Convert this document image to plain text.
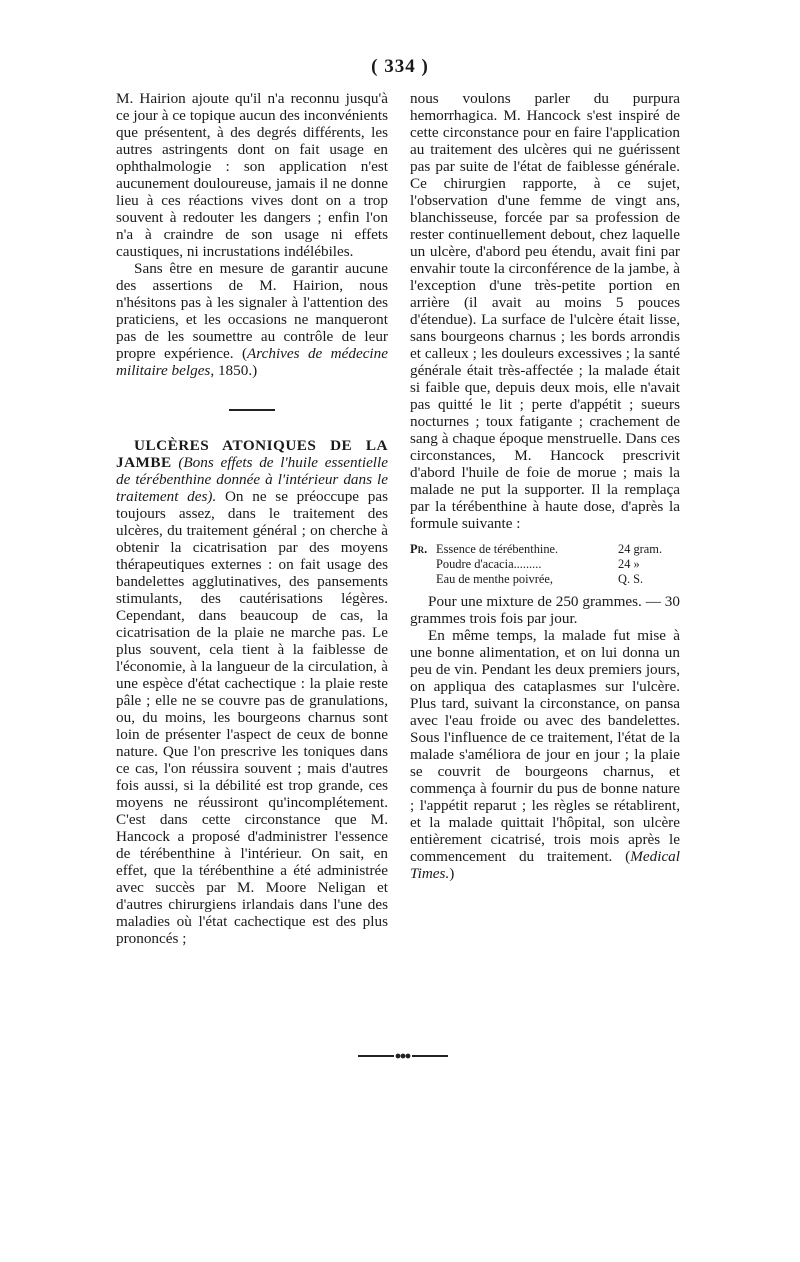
( 334 )

M. Hairion ajoute qu'il n'a reconnu jusqu'à ce jour à ce topique aucun des inconvénients que présentent, à des degrés différents, les autres astringents dont on fait usage en ophthalmologie : son application n'est aucunement douloureuse, jamais il ne donne lieu à ces réactions vives dont on a trop souvent à redouter les dangers ; enfin l'on n'a à craindre de son usage ni effets caustiques, ni incrustations indélébiles.

Sans être en mesure de garantir aucune des assertions de M. Hairion, nous n'hésitons pas à les signaler à l'attention des praticiens, et les occasions ne manqueront pas de les soumettre au contrôle de leur propre expérience. (Archives de médecine militaire belges, 1850.)

ULCÈRES ATONIQUES DE LA JAMBE (Bons effets de l'huile essentielle de térébenthine donnée à l'intérieur dans le traitement des). On ne se préoccupe pas toujours assez, dans le traitement des ulcères, du traitement général ; on cherche à obtenir la cicatrisation par des moyens thérapeutiques externes : on fait usage des bandelettes agglutinatives, des pansements stimulants, des cautérisations légères. Cependant, dans beaucoup de cas, la cicatrisation de la plaie ne marche pas. Le plus souvent, cela tient à la faiblesse de l'économie, à la langueur de la circulation, à une espèce d'état cachectique : la plaie reste pâle ; elle ne se couvre pas de granulations, ou, du moins, les bourgeons charnus sont loin de présenter l'aspect de ceux de bonne nature. Que l'on prescrive les toniques dans ce cas, l'on réussira souvent ; mais d'autres fois aussi, si la débilité est trop grande, ces moyens ne réussiront qu'incomplétement. C'est dans cette circonstance que M. Hancock a proposé d'administrer l'essence de térébenthine à l'intérieur. On sait, en effet, que la térébenthine a été administrée avec succès par M. Moore Neligan et d'autres chirurgiens irlandais dans l'une des maladies où l'état cachectique est des plus prononcés ;

nous voulons parler du purpura hemorrhagica. M. Hancock s'est inspiré de cette circonstance pour en faire l'application au traitement des ulcères qui ne guérissent pas par suite de l'état de faiblesse générale. Ce chirurgien rapporte, à ce sujet, l'observation d'une femme de vingt ans, blanchisseuse, forcée par sa profession de rester continuellement debout, chez laquelle un ulcère, d'abord peu étendu, avait fini par envahir toute la circonférence de la jambe, à l'exception d'une très-petite portion en arrière (il avait au moins 5 pouces d'étendue). La surface de l'ulcère était lisse, sans bourgeons charnus ; les bords arrondis et calleux ; les douleurs excessives ; la santé générale était très-affectée ; la malade était si faible que, depuis deux mois, elle n'avait pas quitté le lit ; perte d'appétit ; sueurs nocturnes ; toux fatigante ; crachement de sang à chaque époque menstruelle. Dans ces circonstances, M. Hancock prescrivit d'abord l'huile de foie de morue ; mais la malade ne put la supporter. Il la remplaça par la térébenthine à haute dose, d'après la formule suivante :

Pr. Essence de térébenthine.	24 gram.
Poudre d'acacia.........	24 »
Eau de menthe poivrée,	Q. S.

Pour une mixture de 250 grammes. — 30 grammes trois fois par jour.

En même temps, la malade fut mise à une bonne alimentation, et on lui donna un peu de vin. Pendant les deux premiers jours, on appliqua des cataplasmes sur l'ulcère. Plus tard, suivant la circonstance, on pansa avec l'eau froide ou avec des bandelettes. Sous l'influence de ce traitement, l'état de la malade s'améliora de jour en jour ; la plaie se couvrit de bourgeons charnus, et commença à fournir du pus de bonne nature ; l'appétit reparut ; les règles se rétablirent, et la malade quittait l'hôpital, son ulcère entièrement cicatrisé, trois mois après le commencement du traitement. (Medical Times.)
